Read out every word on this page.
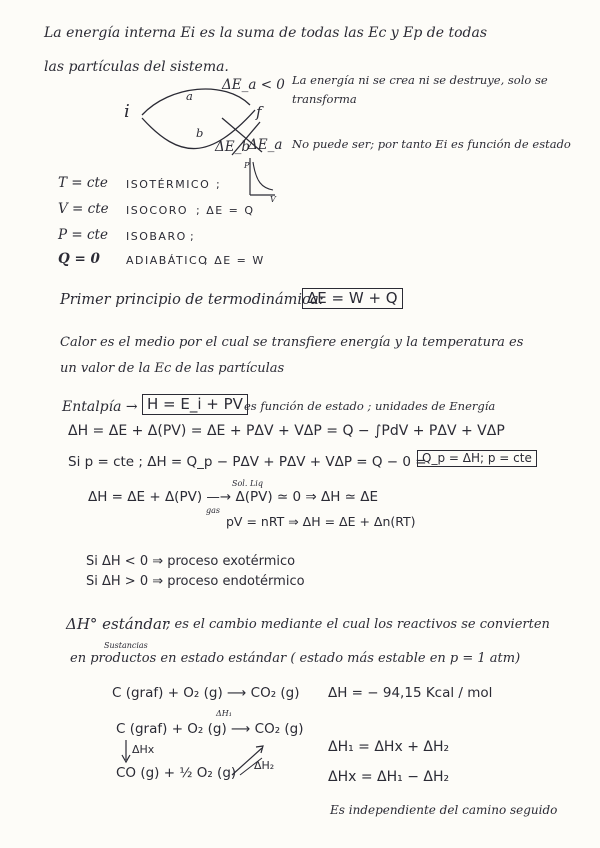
La energía interna Ei es la suma de todas las Ec y Ep de todas
las partículas del sistema.
i	f
a
b
ΔE_a < 0
ΔE_b
ΔE_a
P
V
La energía ni se crea ni se destruye, solo se
transforma
No puede ser; por tanto Ei es función de estado
T = cte ISOTÉRMICO ;
V = cte ISOCORO ; ΔE = Q
P = cte ISOBARO ;
Q = 0 ADIABÁTICO
; ΔE = W
Primer principio de termodinámica:
ΔE = W + Q
Calor es el medio por el cual se transfiere energía y la temperatura es
un valor de la Ec de las partículas
Entalpía → H = E_i + PV es función de estado ; unidades de Energía
ΔH = ΔE + Δ(PV) = ΔE + PΔV + VΔP = Q − ∫PdV + PΔV + VΔP
Si p = cte ; ΔH = Q_p − PΔV + PΔV + VΔP = Q − 0 =
Q_p = ΔH; p = cte
Sol. Liq
ΔH = ΔE + Δ(PV) —→ Δ(PV) ≃ 0 ⇒ ΔH ≃ ΔE
gas
pV = nRT ⇒ ΔH = ΔE + Δn(RT)
Si ΔH < 0 ⇒ proceso exotérmico
Si ΔH > 0 ⇒ proceso endotérmico
ΔH° estándar
; es el cambio mediante el cual los reactivos se convierten
Sustancias
en productos en estado estándar ( estado más estable en p = 1 atm)
C (graf) + O₂ (g) ⟶ CO₂ (g) ΔH = − 94,15 Kcal / mol
C (graf) + O₂ (g) ⟶ CO₂ (g)
ΔH₁
ΔHx
CO (g) + ½ O₂ (g) ΔH₂
ΔH₁ = ΔHx + ΔH₂
ΔHx = ΔH₁ − ΔH₂
Es independiente del camino seguido
